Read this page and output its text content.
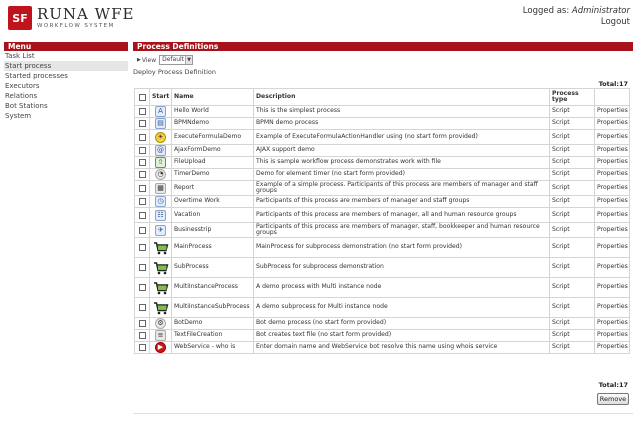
SF RUNA WFE
WORKFLOW SYSTEM
Logged as: Administrator
Logout
Menu
Task List
Start process
Started processes
Executors
Relations
Bot Stations
System
Process Definitions
▶ View	Default ▼
Deploy Process Definition
Total:17
	Start	Name	Description	Process type	

A	Hello World	This is the simplest process	Script	Properties

▤	BPMNdemo	BPMN demo process	Script	Properties

☀	ExecuteFormulaDemo	Example of ExecuteFormulaActionHandler using (no start form provided)	Script	Properties

@	AjaxFormDemo	AJAX support demo	Script	Properties

⇧	FileUpload	This is sample workflow process demonstrates work with file	Script	Properties

◔	TimerDemo	Demo for element timer (no start form provided)	Script	Properties

▦	Report	Example of a simple process. Participants of this process are members of manager and staff groups	Script	Properties

◷	Overtime Work	Participants of this process are members of manager and staff groups	Script	Properties

☷	Vacation	Participants of this process are members of manager, all and human resource groups	Script	Properties

✈	Businesstrip	Participants of this process are members of manager, staff, bookkeeper and human resource groups	Script	Properties

	MainProcess	MainProcess for subprocess demonstration (no start form provided)	Script	Properties

	SubProcess	SubProcess for subprocess demonstration	Script	Properties

	MultiInstanceProcess	A demo process with Multi instance node	Script	Properties

	MultiInstanceSubProcess	A demo subprocess for Multi instance node	Script	Properties

⚙	BotDemo	Bot demo process (no start form provided)	Script	Properties

≡	TextFileCreation	Bot creates text file (no start form provided)	Script	Properties

▶	WebService - who is	Enter domain name and WebService bot resolve this name using whois service	Script	Properties
Total:17
Remove
